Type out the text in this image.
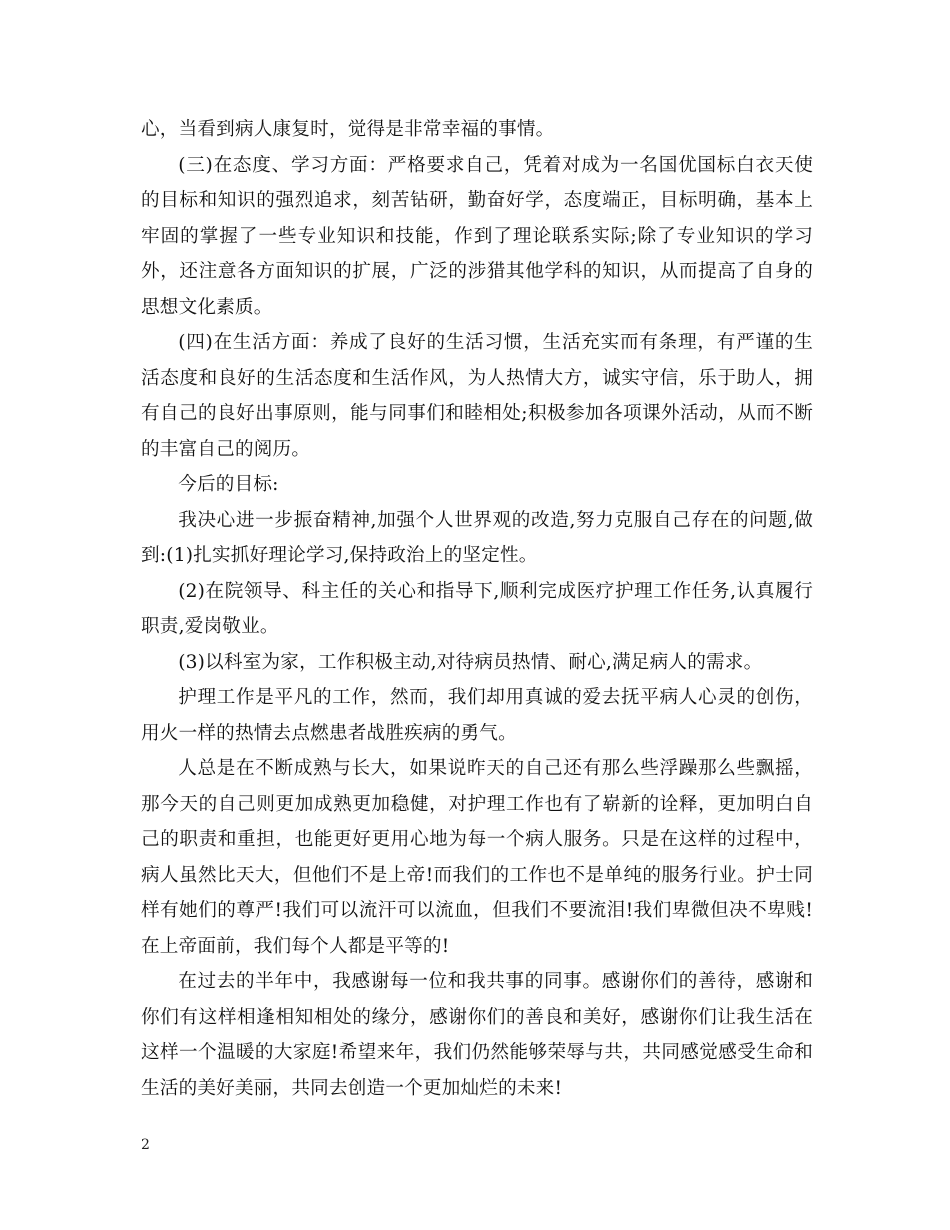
心，当看到病人康复时，觉得是非常幸福的事情。

(三)在态度、学习方面：严格要求自己，凭着对成为一名国优国标白衣天使的目标和知识的强烈追求，刻苦钻研，勤奋好学，态度端正，目标明确，基本上牢固的掌握了一些专业知识和技能，作到了理论联系实际;除了专业知识的学习外，还注意各方面知识的扩展，广泛的涉猎其他学科的知识，从而提高了自身的思想文化素质。

(四)在生活方面：养成了良好的生活习惯，生活充实而有条理，有严谨的生活态度和良好的生活态度和生活作风，为人热情大方，诚实守信，乐于助人，拥有自己的良好出事原则，能与同事们和睦相处;积极参加各项课外活动，从而不断的丰富自己的阅历。

今后的目标:

我决心进一步振奋精神,加强个人世界观的改造,努力克服自己存在的问题,做到:(1)扎实抓好理论学习,保持政治上的坚定性。

(2)在院领导、科主任的关心和指导下,顺利完成医疗护理工作任务,认真履行职责,爱岗敬业。

(3)以科室为家，工作积极主动,对待病员热情、耐心,满足病人的需求。

护理工作是平凡的工作，然而，我们却用真诚的爱去抚平病人心灵的创伤，用火一样的热情去点燃患者战胜疾病的勇气。

人总是在不断成熟与长大，如果说昨天的自己还有那么些浮躁那么些飘摇，那今天的自己则更加成熟更加稳健，对护理工作也有了崭新的诠释，更加明白自己的职责和重担，也能更好更用心地为每一个病人服务。只是在这样的过程中，病人虽然比天大，但他们不是上帝!而我们的工作也不是单纯的服务行业。护士同样有她们的尊严!我们可以流汗可以流血，但我们不要流泪!我们卑微但决不卑贱!在上帝面前，我们每个人都是平等的!

在过去的半年中，我感谢每一位和我共事的同事。感谢你们的善待，感谢和你们有这样相逢相知相处的缘分，感谢你们的善良和美好，感谢你们让我生活在这样一个温暖的大家庭!希望来年，我们仍然能够荣辱与共，共同感觉感受生命和生活的美好美丽，共同去创造一个更加灿烂的未来!

2
